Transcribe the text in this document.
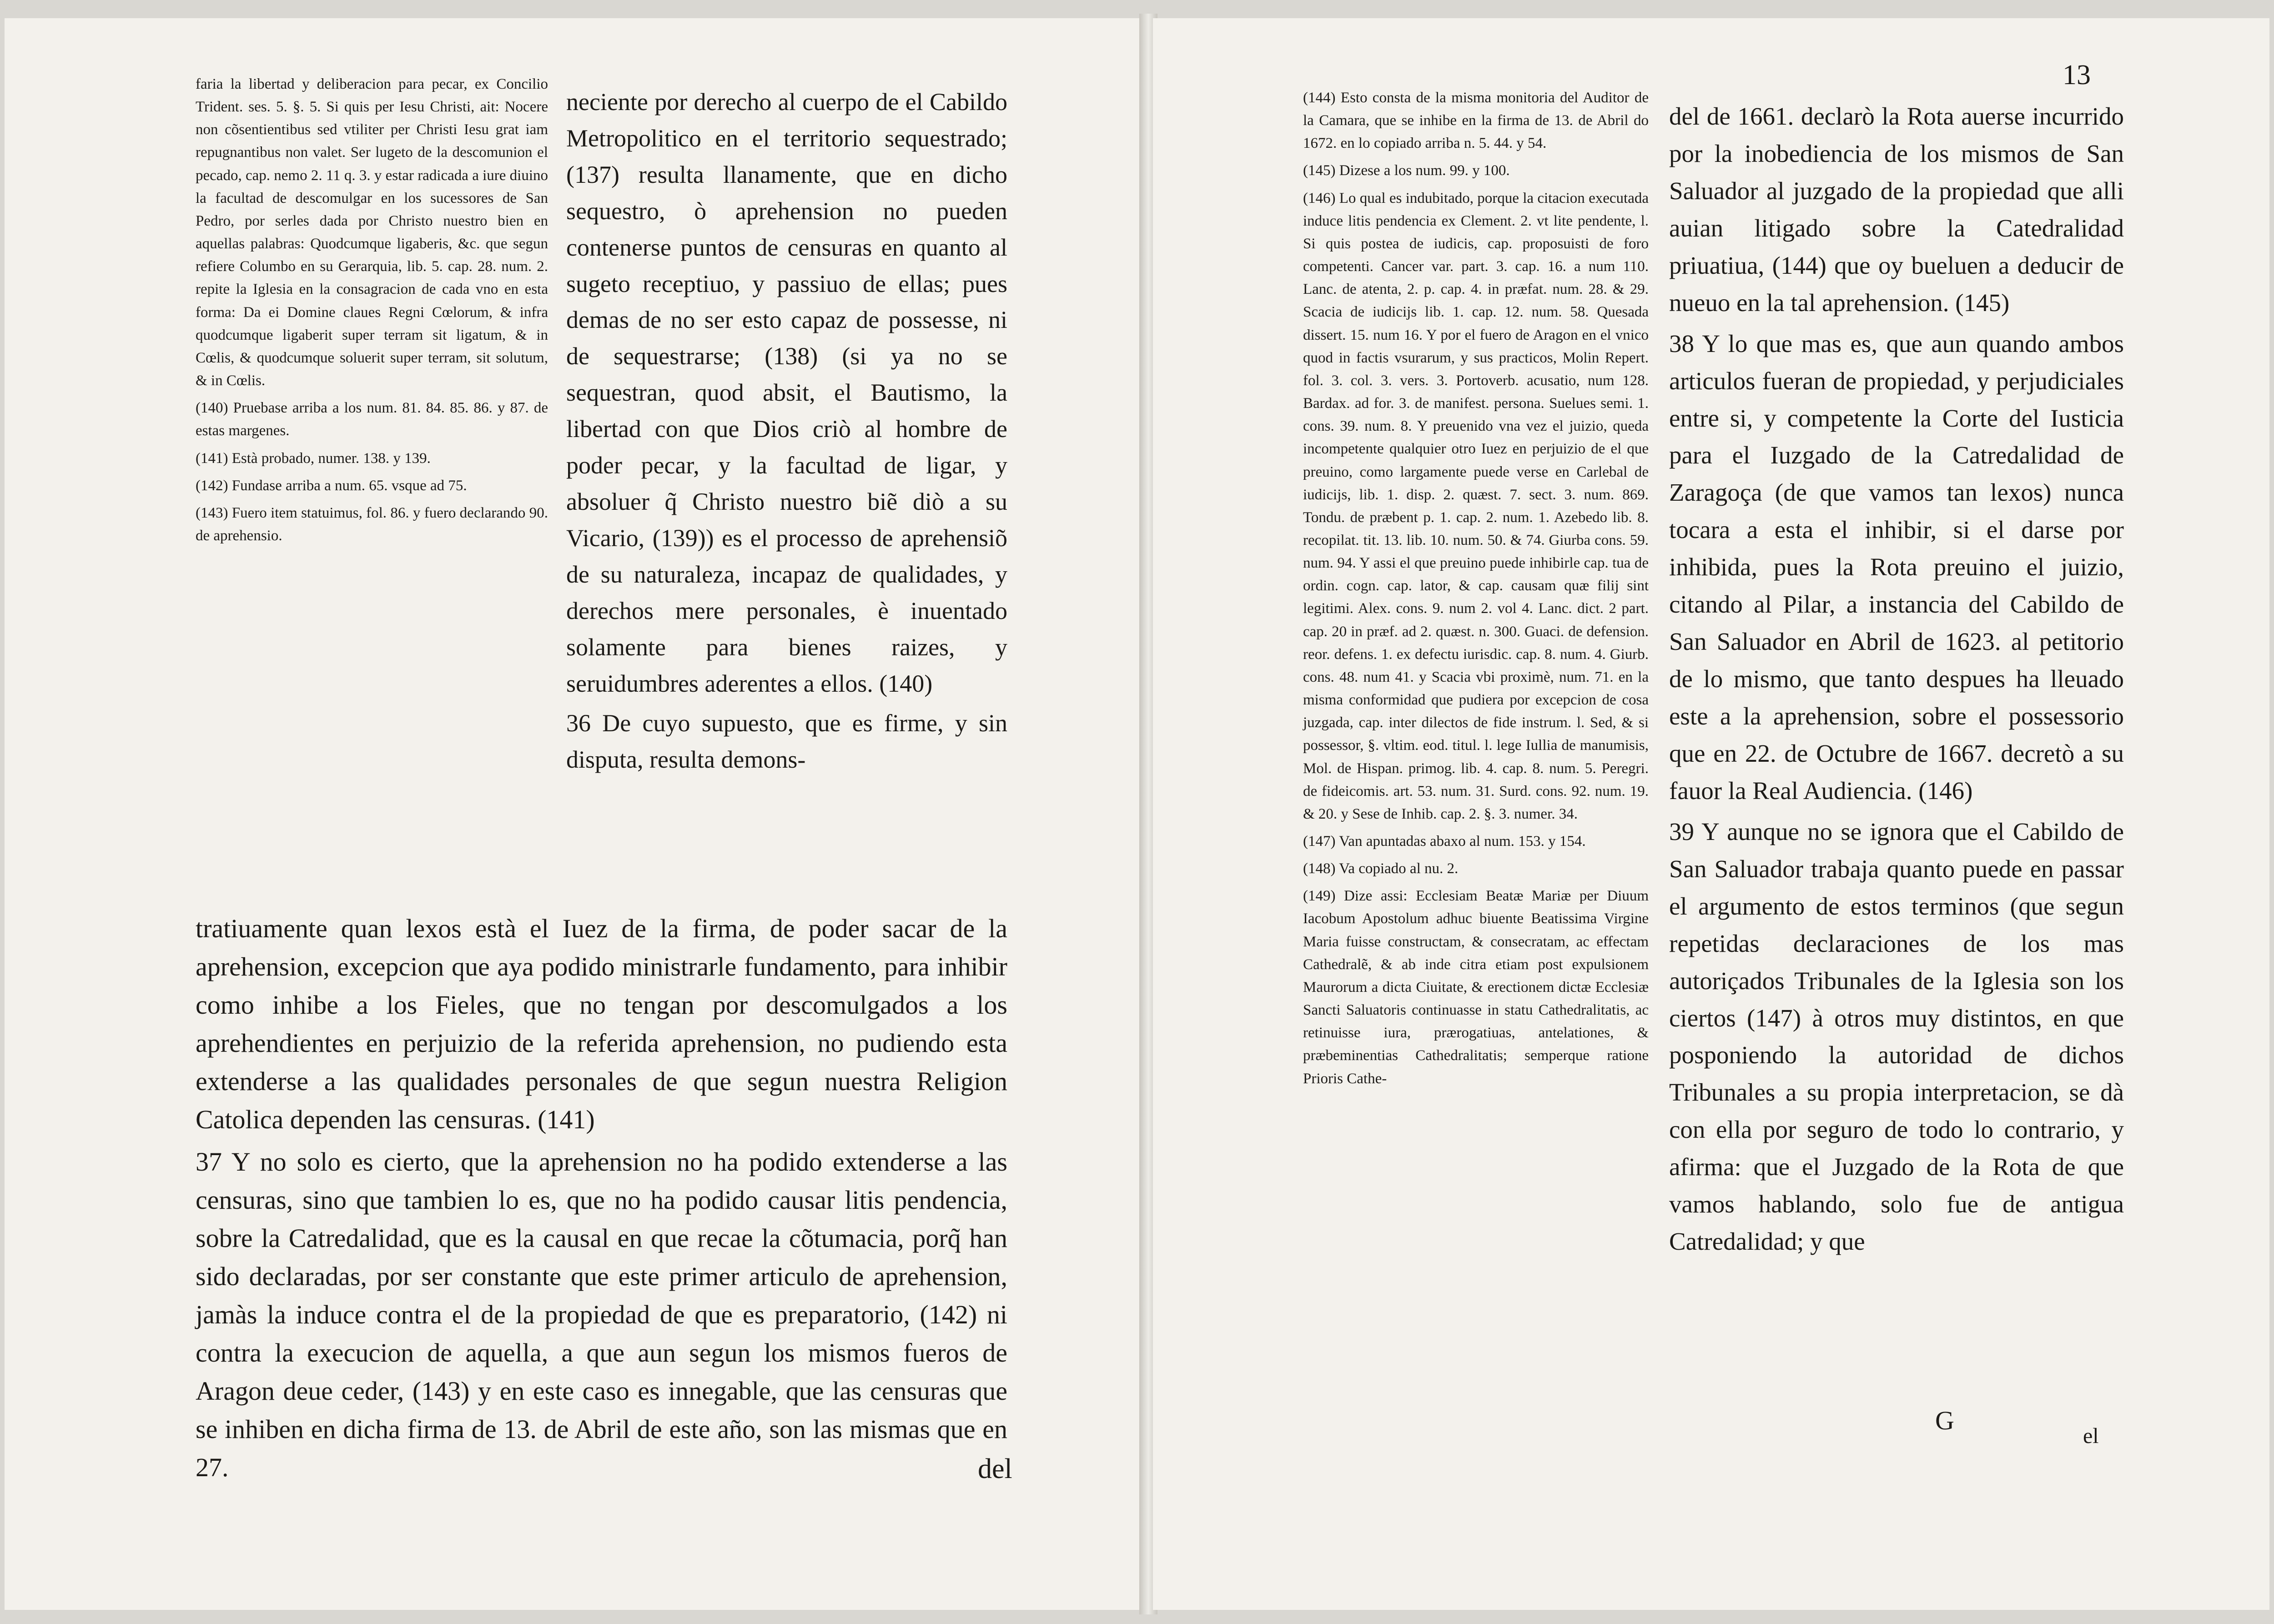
faria la libertad y deliberacion para pecar, ex Concilio Trident. ses. 5. §. 5. Si quis per Iesu Christi, ait: Nocere non cõsentientibus sed vtiliter per Christi Iesu grat iam repugnantibus non valet. Ser lugeto de la descomunion el pecado, cap. nemo 2. 11 q. 3. y estar radicada a iure diuino la facultad de descomulgar en los sucessores de San Pedro, por serles dada por Christo nuestro bien en aquellas palabras: Quodcumque ligaberis, &c. que segun refiere Columbo en su Gerarquia, lib. 5. cap. 28. num. 2. repite la Iglesia en la consagracion de cada vno en esta forma: Da ei Domine claues Regni Cœlorum, & infra quodcumque ligaberit super terram sit ligatum, & in Cœlis, & quodcumque soluerit super terram, sit solutum, & in Cœlis.

(140) Pruebase arriba a los num. 81. 84. 85. 86. y 87. de estas margenes.

(141) Està probado, numer. 138. y 139.

(142) Fundase arriba a num. 65. vsque ad 75.

(143) Fuero item statuimus, fol. 86. y fuero declarando 90. de aprehensio.

neciente por derecho al cuerpo de el Cabildo Metropolitico en el territorio sequestrado; (137) resulta llanamente, que en dicho sequestro, ò aprehension no pueden contenerse puntos de censuras en quanto al sugeto receptiuo, y passiuo de ellas; pues demas de no ser esto capaz de possesse, ni de sequestrarse; (138) (si ya no se sequestran, quod absit, el Bautismo, la libertad con que Dios criò al hombre de poder pecar, y la facultad de ligar, y absoluer q̃ Christo nuestro biẽ diò a su Vicario, (139)) es el processo de aprehensiõ de su naturaleza, incapaz de qualidades, y derechos mere personales, è inuentado solamente para bienes raizes, y seruidumbres aderentes a ellos. (140)

36 De cuyo supuesto, que es firme, y sin disputa, resulta demons-

tratiuamente quan lexos està el Iuez de la firma, de poder sacar de la aprehension, excepcion que aya podido ministrarle fundamento, para inhibir como inhibe a los Fieles, que no tengan por descomulgados a los aprehendientes en perjuizio de la referida aprehension, no pudiendo esta extenderse a las qualidades personales de que segun nuestra Religion Catolica dependen las censuras. (141)

37 Y no solo es cierto, que la aprehension no ha podido extenderse a las censuras, sino que tambien lo es, que no ha podido causar litis pendencia, sobre la Catredalidad, que es la causal en que recae la cõtumacia, porq̃ han sido declaradas, por ser constante que este primer articulo de aprehension, jamàs la induce contra el de la propiedad de que es preparatorio, (142) ni contra la execucion de aquella, a que aun segun los mismos fueros de Aragon deue ceder, (143) y en este caso es innegable, que las censuras que se inhiben en dicha firma de 13. de Abril de este año, son las mismas que en 27.	del
13

(144) Esto consta de la misma monitoria del Auditor de la Camara, que se inhibe en la firma de 13. de Abril do 1672. en lo copiado arriba n. 5. 44. y 54.

(145) Dizese a los num. 99. y 100.

(146) Lo qual es indubitado, porque la citacion executada induce litis pendencia ex Clement. 2. vt lite pendente, l. Si quis postea de iudicis, cap. proposuisti de foro competenti. Cancer var. part. 3. cap. 16. a num 110. Lanc. de atenta, 2. p. cap. 4. in præfat. num. 28. & 29. Scacia de iudicijs lib. 1. cap. 12. num. 58. Quesada dissert. 15. num 16. Y por el fuero de Aragon en el vnico quod in factis vsurarum, y sus practicos, Molin Repert. fol. 3. col. 3. vers. 3. Portoverb. acusatio, num 128. Bardax. ad for. 3. de manifest. persona. Suelues semi. 1. cons. 39. num. 8. Y preuenido vna vez el juizio, queda incompetente qualquier otro Iuez en perjuizio de el que preuino, como largamente puede verse en Carlebal de iudicijs, lib. 1. disp. 2. quæst. 7. sect. 3. num. 869. Tondu. de præbent p. 1. cap. 2. num. 1. Azebedo lib. 8. recopilat. tit. 13. lib. 10. num. 50. & 74. Giurba cons. 59. num. 94. Y assi el que preuino puede inhibirle cap. tua de ordin. cogn. cap. lator, & cap. causam quæ filij sint legitimi. Alex. cons. 9. num 2. vol 4. Lanc. dict. 2 part. cap. 20 in præf. ad 2. quæst. n. 300. Guaci. de defension. reor. defens. 1. ex defectu iurisdic. cap. 8. num. 4. Giurb. cons. 48. num 41. y Scacia vbi proximè, num. 71. en la misma conformidad que pudiera por excepcion de cosa juzgada, cap. inter dilectos de fide instrum. l. Sed, & si possessor, §. vltim. eod. titul. l. lege Iullia de manumisis, Mol. de Hispan. primog. lib. 4. cap. 8. num. 5. Peregri. de fideicomis. art. 53. num. 31. Surd. cons. 92. num. 19. & 20. y Sese de Inhib. cap. 2. §. 3. numer. 34.

(147) Van apuntadas abaxo al num. 153. y 154.

(148) Va copiado al nu. 2.

(149) Dize assi: Ecclesiam Beatæ Mariæ per Diuum Iacobum Apostolum adhuc biuente Beatissima Virgine Maria fuisse constructam, & consecratam, ac effectam Cathedralẽ, & ab inde citra etiam post expulsionem Maurorum a dicta Ciuitate, & erectionem dictæ Ecclesiæ Sancti Saluatoris continuasse in statu Cathedralitatis, ac retinuisse iura, prærogatiuas, antelationes, & præbeminentias Cathedralitatis; semperque ratione Prioris Cathe-

del de 1661. declarò la Rota auerse incurrido por la inobediencia de los mismos de San Saluador al juzgado de la propiedad que alli auian litigado sobre la Catedralidad priuatiua, (144) que oy bueluen a deducir de nueuo en la tal aprehension. (145)

38 Y lo que mas es, que aun quando ambos articulos fueran de propiedad, y perjudiciales entre si, y competente la Corte del Iusticia para el Iuzgado de la Catredalidad de Zaragoça (de que vamos tan lexos) nunca tocara a esta el inhibir, si el darse por inhibida, pues la Rota preuino el juizio, citando al Pilar, a instancia del Cabildo de San Saluador en Abril de 1623. al petitorio de lo mismo, que tanto despues ha lleuado este a la aprehension, sobre el possessorio que en 22. de Octubre de 1667. decretò a su fauor la Real Audiencia. (146)

39 Y aunque no se ignora que el Cabildo de San Saluador trabaja quanto puede en passar el argumento de estos terminos (que segun repetidas declaraciones de los mas autoriçados Tribunales de la Iglesia son los ciertos (147) à otros muy distintos, en que posponiendo la autoridad de dichos Tribunales a su propia interpretacion, se dà con ella por seguro de todo lo contrario, y afirma: que el Juzgado de la Rota de que vamos hablando, solo fue de antigua Catredalidad; y que

G
el
